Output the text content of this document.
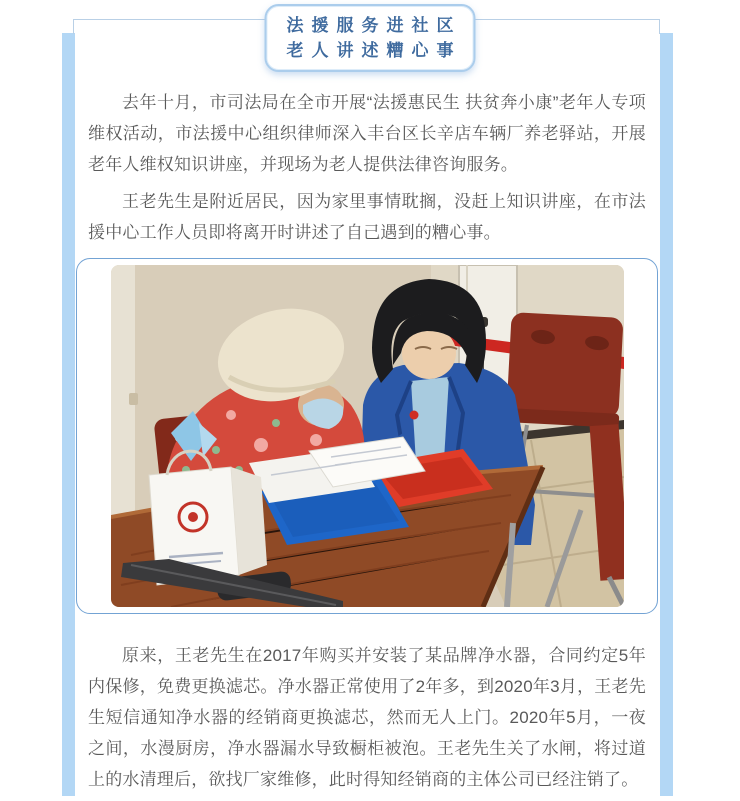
法援服务进社区
老人讲述糟心事

去年十月，市司法局在全市开展“法援惠民生 扶贫奔小康”老年人专项维权活动，市法援中心组织律师深入丰台区长辛店车辆厂养老驿站，开展老年人维权知识讲座，并现场为老人提供法律咨询服务。

王老先生是附近居民，因为家里事情耽搁，没赶上知识讲座，在市法援中心工作人员即将离开时讲述了自己遇到的糟心事。

原来，王老先生在2017年购买并安装了某品牌净水器，合同约定5年内保修，免费更换滤芯。净水器正常使用了2年多，到2020年3月，王老先生短信通知净水器的经销商更换滤芯，然而无人上门。2020年5月，一夜之间，水漫厨房，净水器漏水导致橱柜被泡。王老先生关了水闸，将过道上的水清理后，欲找厂家维修，此时得知经销商的主体公司已经注销了。
